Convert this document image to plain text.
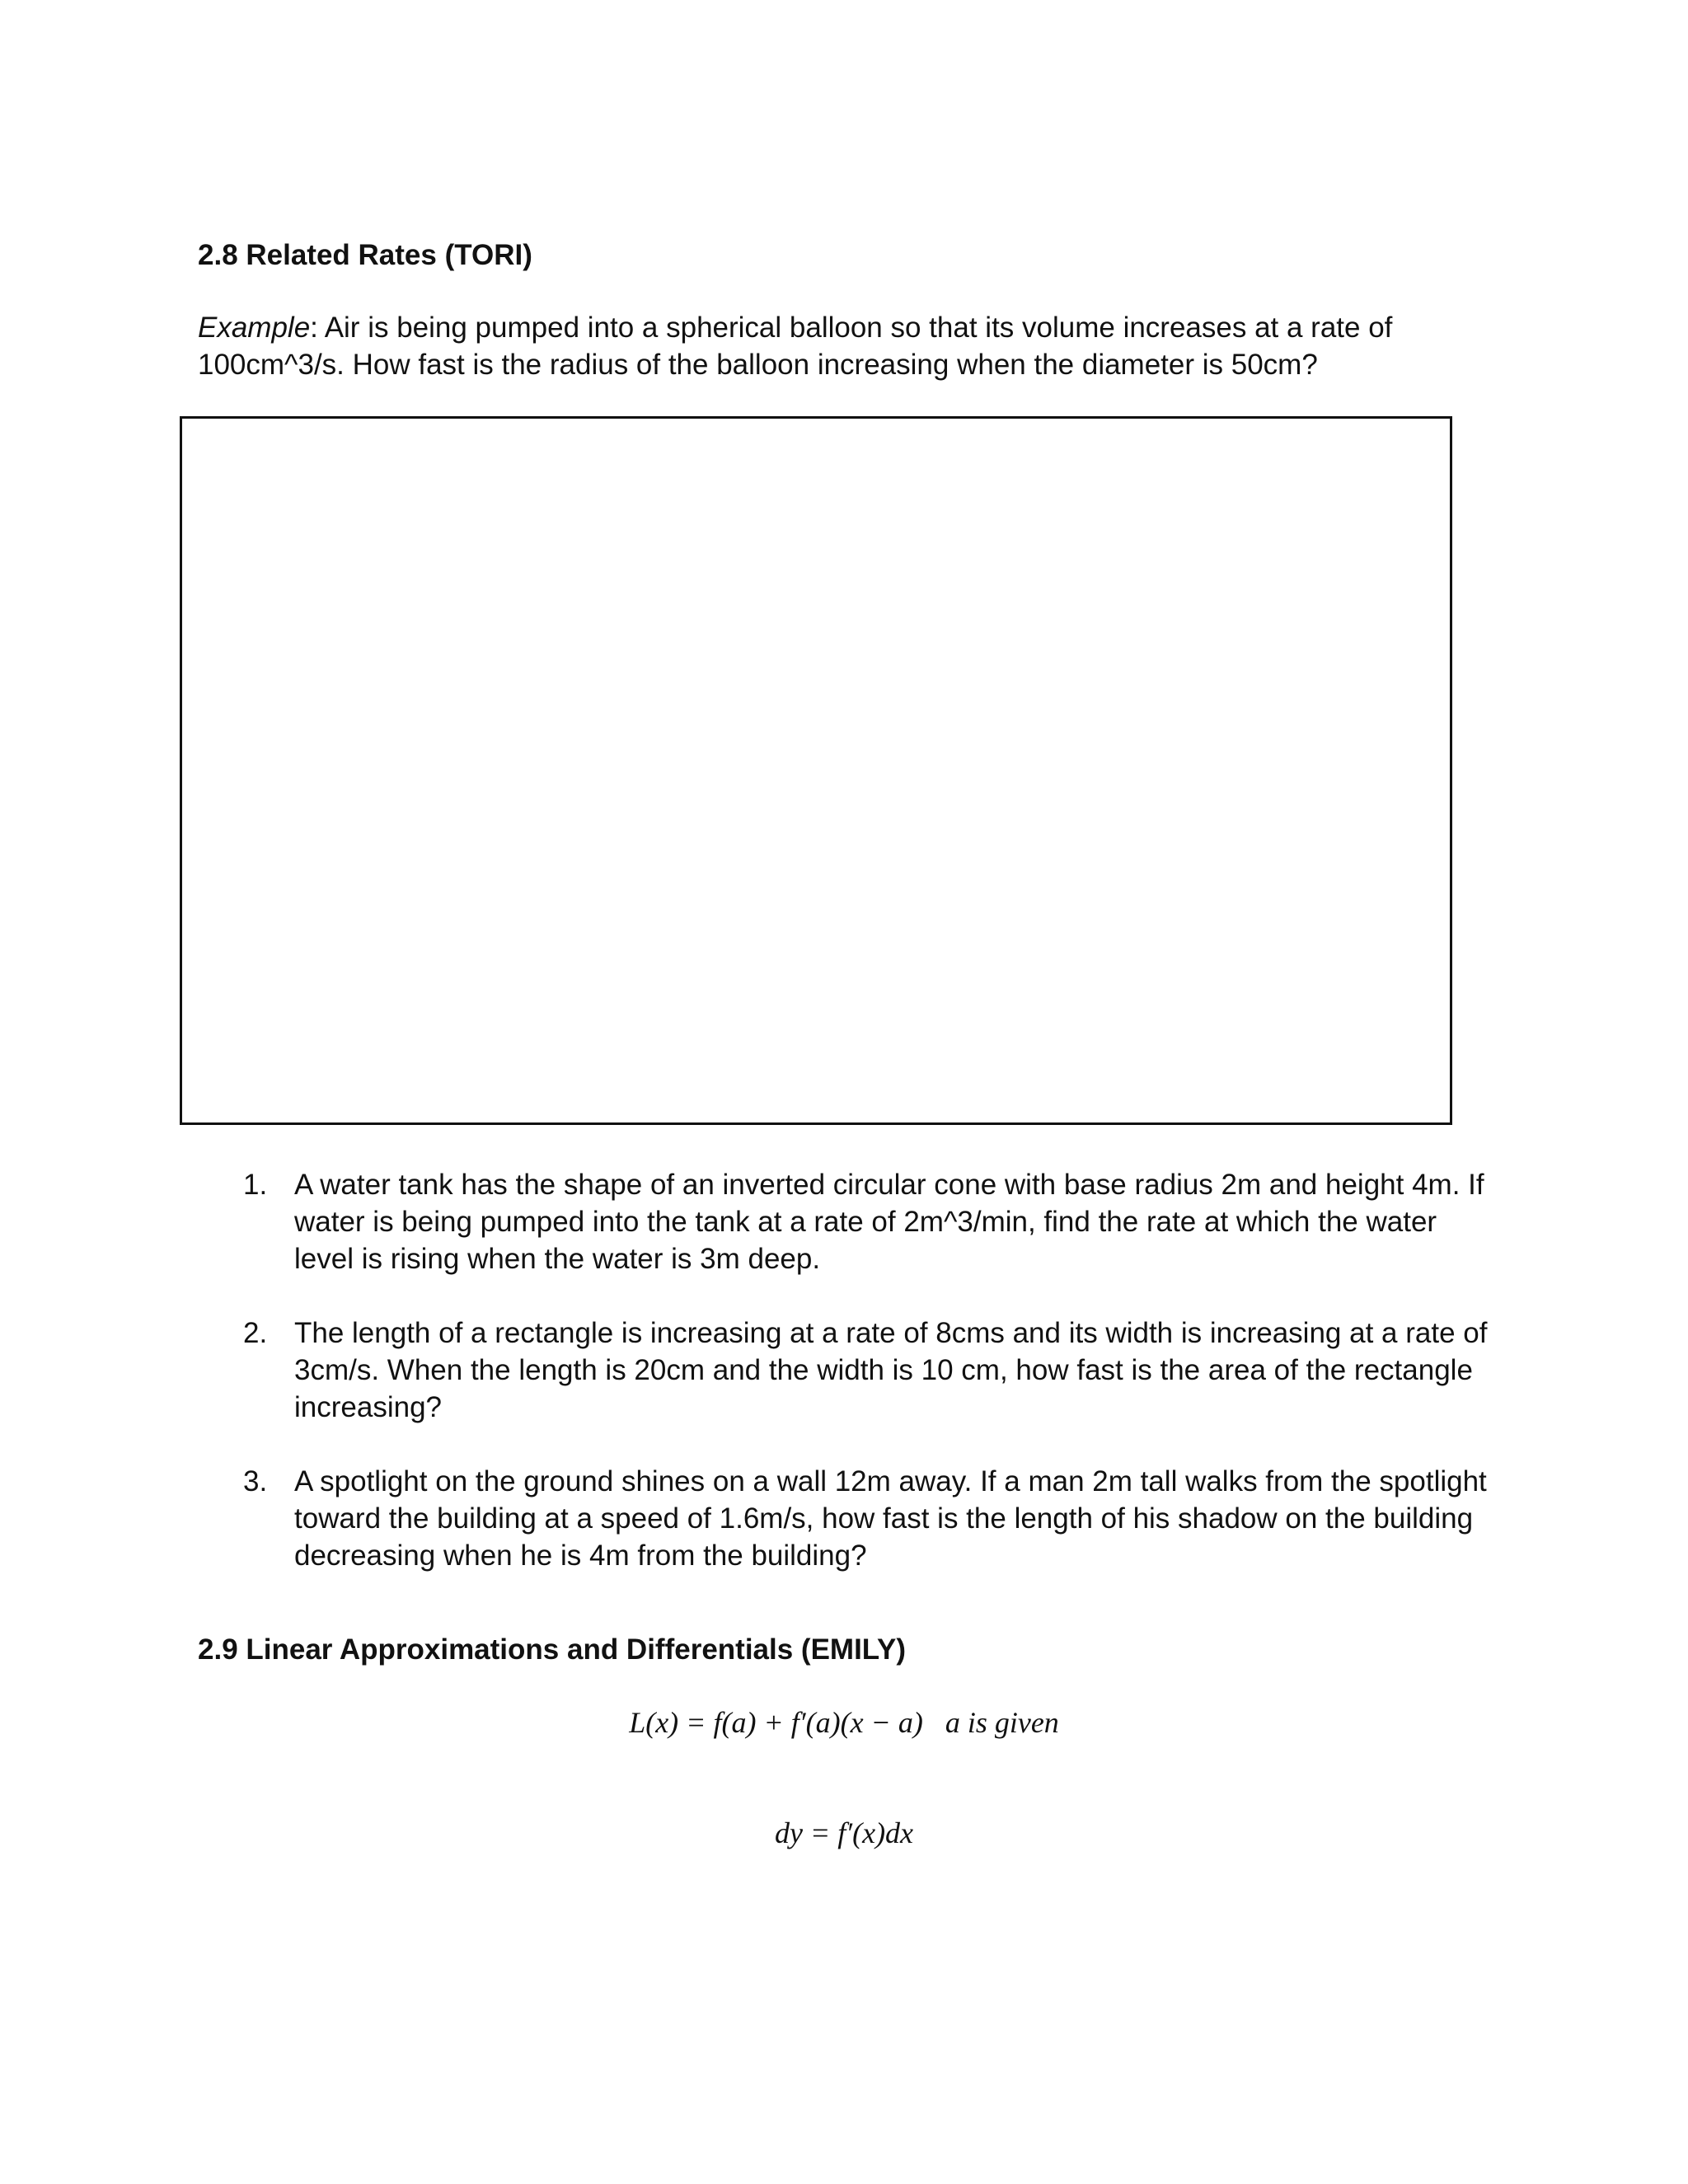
2.8 Related Rates (TORI)

Example: Air is being pumped into a spherical balloon so that its volume increases at a rate of 100cm^3/s. How fast is the radius of the balloon increasing when the diameter is 50cm?

1. A water tank has the shape of an inverted circular cone with base radius 2m and height 4m. If water is being pumped into the tank at a rate of 2m^3/min, find the rate at which the water level is rising when the water is 3m deep.
2. The length of a rectangle is increasing at a rate of 8cms and its width is increasing at a rate of 3cm/s. When the length is 20cm and the width is 10 cm, how fast is the area of the rectangle increasing?
3. A spotlight on the ground shines on a wall 12m away. If a man 2m tall walks from the spotlight toward the building at a speed of 1.6m/s, how fast is the length of his shadow on the building decreasing when he is 4m from the building?
2.9 Linear Approximations and Differentials (EMILY)

L(x) = f(a) + f′(a)(x − a)   a is given

dy = f′(x)dx
